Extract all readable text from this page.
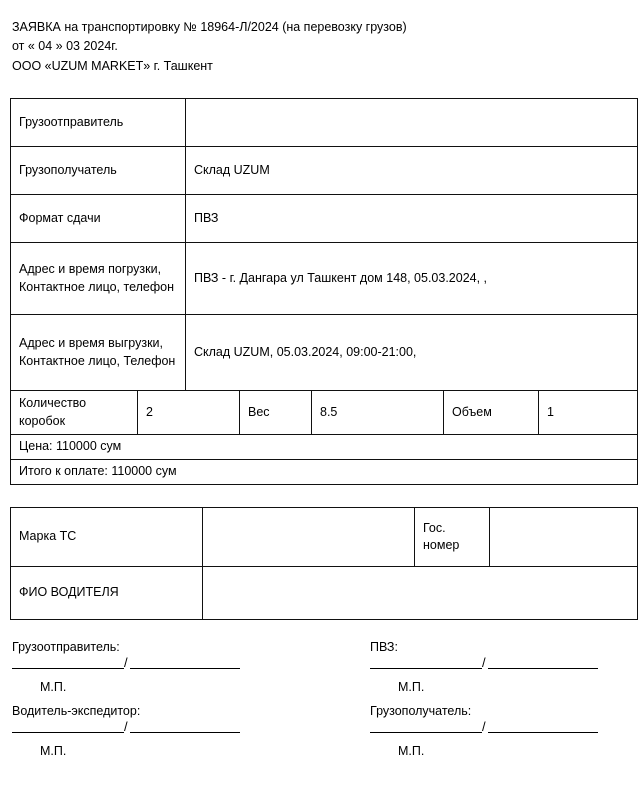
ЗАЯВКА на транспортировку № 18964-Л/2024 (на перевозку грузов)
от « 04 » 03 2024г.
ООО «UZUM MARKET» г. Ташкент
Грузоотправитель	
Грузополучатель	Склад UZUM
Формат сдачи	ПВЗ
Адрес и время погрузки, Контактное лицо, телефон	ПВЗ - г. Дангара ул Ташкент дом 148, 05.03.2024, ,
Адрес и время выгрузки, Контактное лицо, Телефон	Склад UZUM, 05.03.2024, 09:00-21:00,
Количество коробок	2	Вес	8.5	Объем	1
Цена: 110000 сум
Итого к оплате: 110000 сум
Марка ТС		Гос. номер	
ФИО ВОДИТЕЛЯ			
Грузоотправитель:
/
М.П.
Водитель-экспедитор:
/
М.П.
ПВЗ:
/
М.П.
Грузополучатель:
/
М.П.
